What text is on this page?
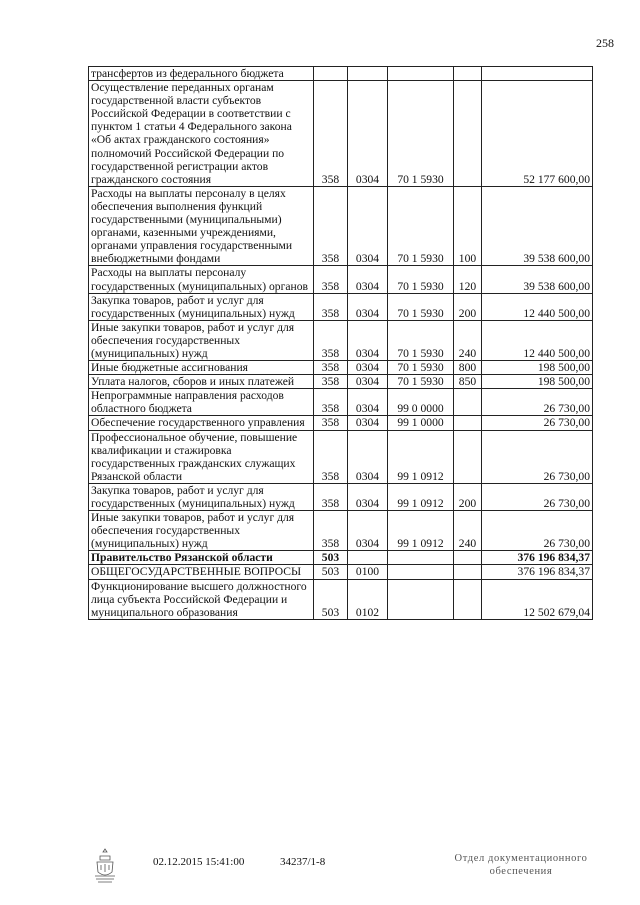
258
трансфертов из федерального бюджета					
Осуществление переданных органам государственной власти субъектов Российской Федерации в соответствии с пунктом 1 статьи 4 Федерального закона «Об актах гражданского состояния» полномочий Российской Федерации по государственной регистрации актов гражданского состояния	358	0304	70 1 5930		52 177 600,00
Расходы на выплаты персоналу в целях обеспечения выполнения функций государственными (муниципальными) органами, казенными учреждениями, органами управления государственными внебюджетными фондами	358	0304	70 1 5930	100	39 538 600,00
Расходы на выплаты персоналу государственных (муниципальных) органов	358	0304	70 1 5930	120	39 538 600,00
Закупка товаров, работ и услуг для государственных (муниципальных) нужд	358	0304	70 1 5930	200	12 440 500,00
Иные закупки товаров, работ и услуг для обеспечения государственных (муниципальных) нужд	358	0304	70 1 5930	240	12 440 500,00
Иные бюджетные ассигнования	358	0304	70 1 5930	800	198 500,00
Уплата налогов, сборов и иных платежей	358	0304	70 1 5930	850	198 500,00
Непрограммные направления расходов областного бюджета	358	0304	99 0 0000		26 730,00
Обеспечение государственного управления	358	0304	99 1 0000		26 730,00
Профессиональное обучение, повышение квалификации и стажировка государственных гражданских служащих Рязанской области	358	0304	99 1 0912		26 730,00
Закупка товаров, работ и услуг для государственных (муниципальных) нужд	358	0304	99 1 0912	200	26 730,00
Иные закупки товаров, работ и услуг для обеспечения государственных (муниципальных) нужд	358	0304	99 1 0912	240	26 730,00
Правительство Рязанской области	503				376 196 834,37
ОБЩЕГОСУДАРСТВЕННЫЕ ВОПРОСЫ	503	0100			376 196 834,37
Функционирование высшего должностного лица субъекта Российской Федерации и муниципального образования	503	0102			12 502 679,04
02.12.2015 15:41:00	34237/1-8	Отдел документационного
обеспечения
